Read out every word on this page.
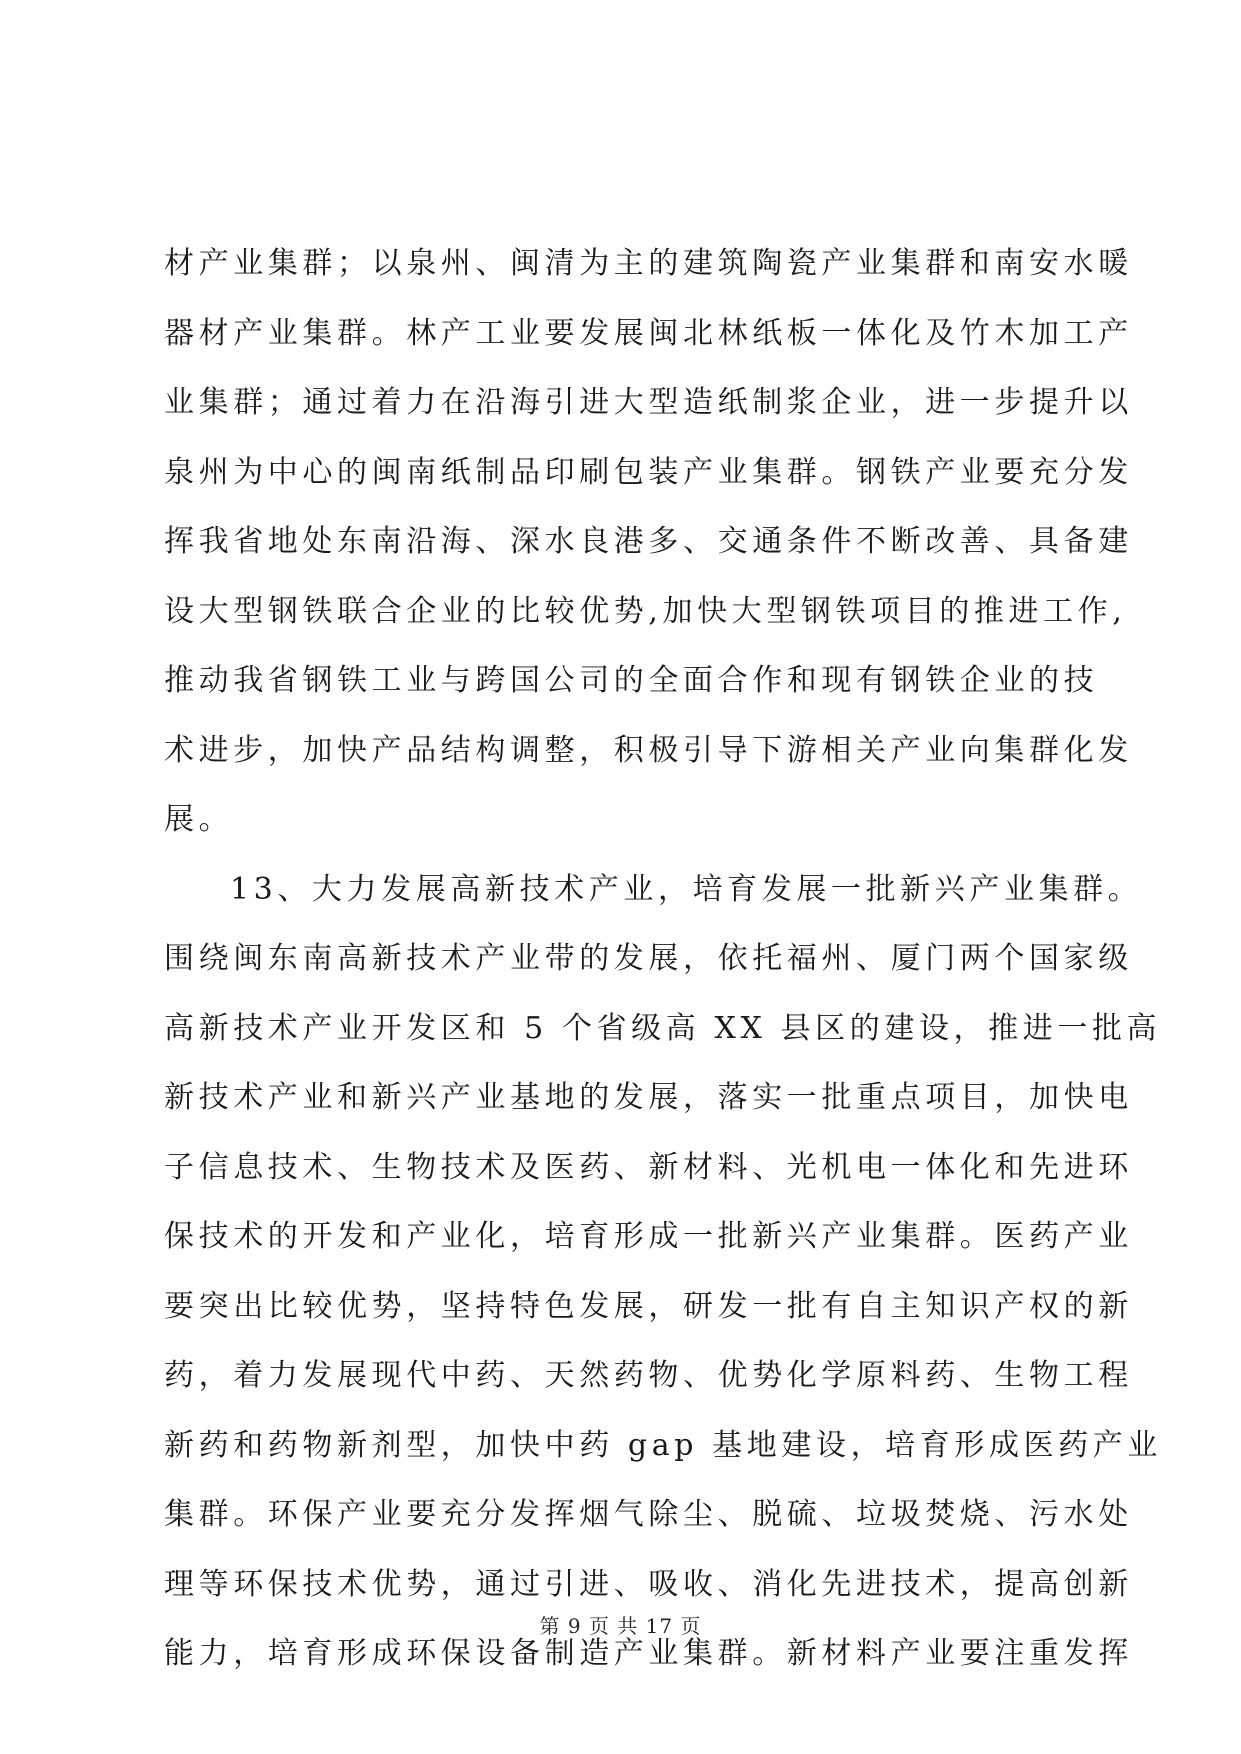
材产业集群；以泉州、闽清为主的建筑陶瓷产业集群和南安水暖
器材产业集群。林产工业要发展闽北林纸板一体化及竹木加工产
业集群；通过着力在沿海引进大型造纸制浆企业，进一步提升以
泉州为中心的闽南纸制品印刷包装产业集群。钢铁产业要充分发
挥我省地处东南沿海、深水良港多、交通条件不断改善、具备建
设大型钢铁联合企业的比较优势,加快大型钢铁项目的推进工作,
推动我省钢铁工业与跨国公司的全面合作和现有钢铁企业的技
术进步，加快产品结构调整，积极引导下游相关产业向集群化发
展。
13、大力发展高新技术产业，培育发展一批新兴产业集群。
围绕闽东南高新技术产业带的发展，依托福州、厦门两个国家级
高新技术产业开发区和 5 个省级高 XX 县区的建设，推进一批高
新技术产业和新兴产业基地的发展，落实一批重点项目，加快电
子信息技术、生物技术及医药、新材料、光机电一体化和先进环
保技术的开发和产业化，培育形成一批新兴产业集群。医药产业
要突出比较优势，坚持特色发展，研发一批有自主知识产权的新
药，着力发展现代中药、天然药物、优势化学原料药、生物工程
新药和药物新剂型，加快中药 gap 基地建设，培育形成医药产业
集群。环保产业要充分发挥烟气除尘、脱硫、垃圾焚烧、污水处
理等环保技术优势，通过引进、吸收、消化先进技术，提高创新
能力，培育形成环保设备制造产业集群。新材料产业要注重发挥
第 9 页 共 17 页
